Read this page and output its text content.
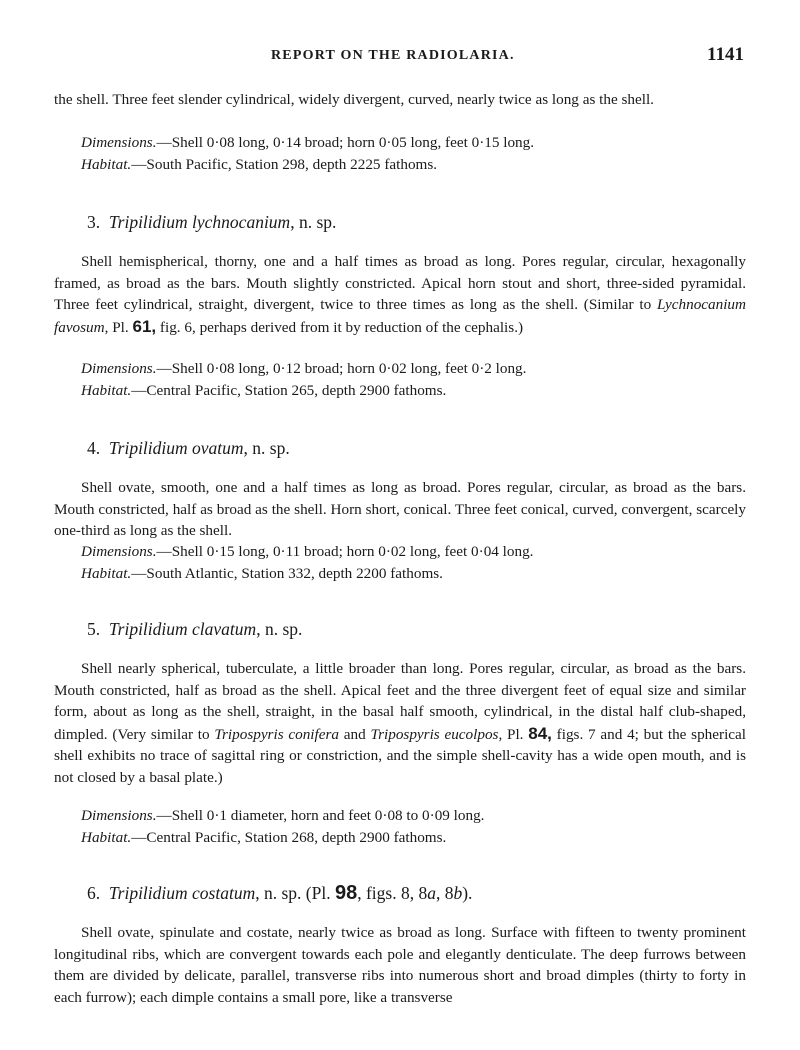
REPORT ON THE RADIOLARIA.	1141

the shell. Three feet slender cylindrical, widely divergent, curved, nearly twice as long as the shell.

Dimensions.—Shell 0·08 long, 0·14 broad; horn 0·05 long, feet 0·15 long.
Habitat.—South Pacific, Station 298, depth 2225 fathoms.
3. Tripilidium lychnocanium, n. sp.

Shell hemispherical, thorny, one and a half times as broad as long. Pores regular, circular, hexagonally framed, as broad as the bars. Mouth slightly constricted. Apical horn stout and short, three-sided pyramidal. Three feet cylindrical, straight, divergent, twice to three times as long as the shell. (Similar to Lychnocanium favosum, Pl. 61, fig. 6, perhaps derived from it by reduction of the cephalis.)

Dimensions.—Shell 0·08 long, 0·12 broad; horn 0·02 long, feet 0·2 long.
Habitat.—Central Pacific, Station 265, depth 2900 fathoms.
4. Tripilidium ovatum, n. sp.

Shell ovate, smooth, one and a half times as long as broad. Pores regular, circular, as broad as the bars. Mouth constricted, half as broad as the shell. Horn short, conical. Three feet conical, curved, convergent, scarcely one-third as long as the shell.

Dimensions.—Shell 0·15 long, 0·11 broad; horn 0·02 long, feet 0·04 long.
Habitat.—South Atlantic, Station 332, depth 2200 fathoms.
5. Tripilidium clavatum, n. sp.

Shell nearly spherical, tuberculate, a little broader than long. Pores regular, circular, as broad as the bars. Mouth constricted, half as broad as the shell. Apical feet and the three divergent feet of equal size and similar form, about as long as the shell, straight, in the basal half smooth, cylindrical, in the distal half club-shaped, dimpled. (Very similar to Tripospyris conifera and Tripospyris eucolpos, Pl. 84, figs. 7 and 4; but the spherical shell exhibits no trace of sagittal ring or constriction, and the simple shell-cavity has a wide open mouth, and is not closed by a basal plate.)

Dimensions.—Shell 0·1 diameter, horn and feet 0·08 to 0·09 long.
Habitat.—Central Pacific, Station 268, depth 2900 fathoms.
6. Tripilidium costatum, n. sp. (Pl. 98, figs. 8, 8a, 8b).

Shell ovate, spinulate and costate, nearly twice as broad as long. Surface with fifteen to twenty prominent longitudinal ribs, which are convergent towards each pole and elegantly denticulate. The deep furrows between them are divided by delicate, parallel, transverse ribs into numerous short and broad dimples (thirty to forty in each furrow); each dimple contains a small pore, like a transverse
